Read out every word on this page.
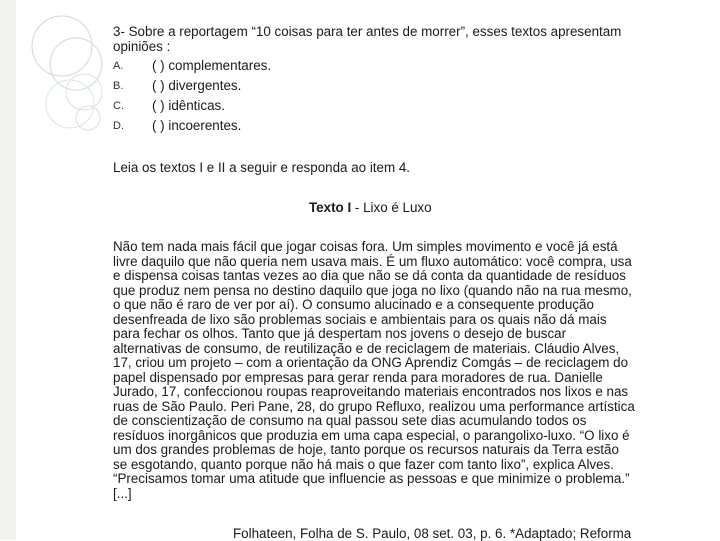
3- Sobre a reportagem “10 coisas para ter antes de morrer”, esses textos apresentam
opiniões :
A.	( ) complementares.
B.	( ) divergentes.
C.	( ) idênticas.
D.	( ) incoerentes.
Leia os textos I e II a seguir e responda ao item 4.
Texto I - Lixo é Luxo
Não tem nada mais fácil que jogar coisas fora. Um simples movimento e você já está
livre daquilo que não queria nem usava mais. É um fluxo automático: você compra, usa
e dispensa coisas tantas vezes ao dia que não se dá conta da quantidade de resíduos
que produz nem pensa no destino daquilo que joga no lixo (quando não na rua mesmo,
o que não é raro de ver por aí). O consumo alucinado e a consequente produção
desenfreada de lixo são problemas sociais e ambientais para os quais não dá mais
para fechar os olhos. Tanto que já despertam nos jovens o desejo de buscar
alternativas de consumo, de reutilização e de reciclagem de materiais. Cláudio Alves,
17, criou um projeto – com a orientação da ONG Aprendiz Comgás – de reciclagem do
papel dispensado por empresas para gerar renda para moradores de rua. Danielle
Jurado, 17, confeccionou roupas reaproveitando materiais encontrados nos lixos e nas
ruas de São Paulo. Peri Pane, 28, do grupo Refluxo, realizou uma performance artística
de conscientização de consumo na qual passou sete dias acumulando todos os
resíduos inorgânicos que produzia em uma capa especial, o parangolixo-luxo. “O lixo é
um dos grandes problemas de hoje, tanto porque os recursos naturais da Terra estão
se esgotando, quanto porque não há mais o que fazer com tanto lixo”, explica Alves.
“Precisamos tomar uma atitude que influencie as pessoas e que minimize o problema.”
[...]
Folhateen, Folha de S. Paulo, 08 set. 03, p. 6. *Adaptado; Reforma
